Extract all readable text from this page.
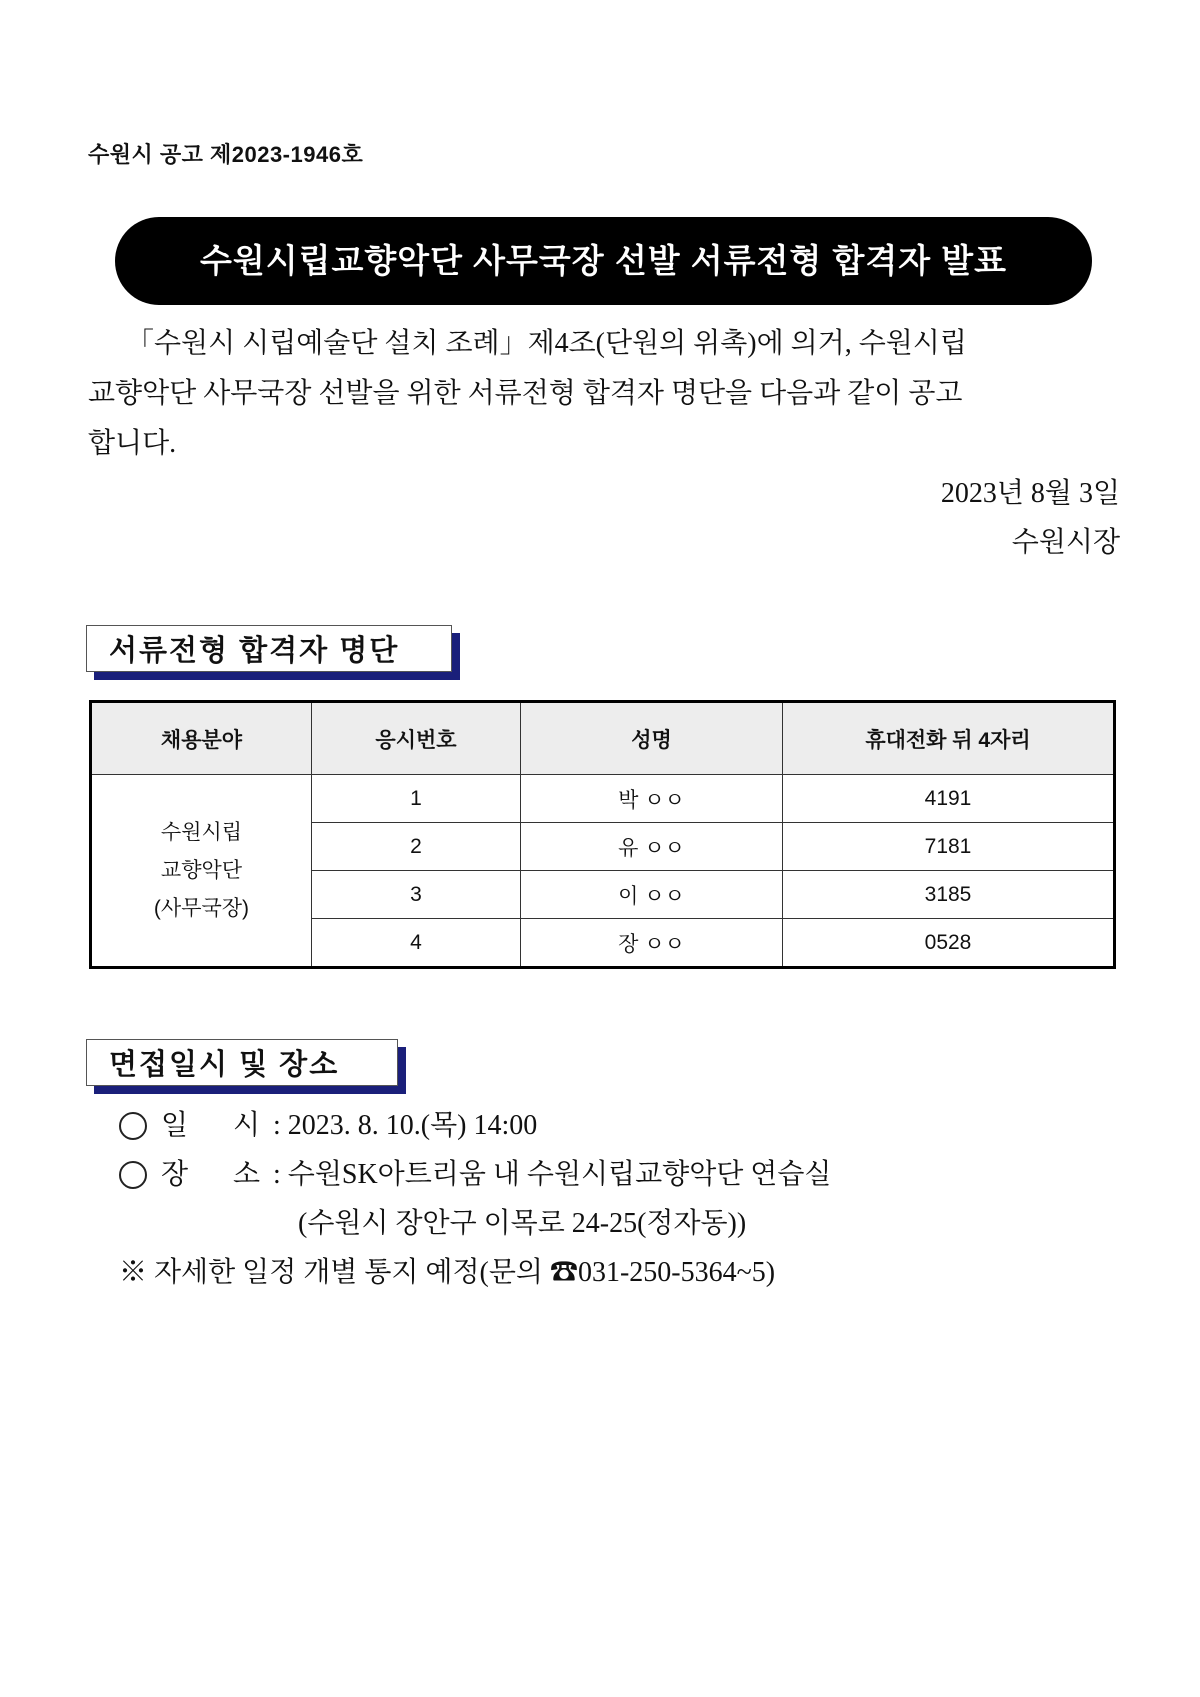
수원시 공고 제2023-1946호
수원시립교향악단 사무국장 선발 서류전형 합격자 발표
「수원시 시립예술단 설치 조례」제4조(단원의 위촉)에 의거, 수원시립
교향악단 사무국장 선발을 위한 서류전형 합격자 명단을 다음과 같이 공고
합니다.
2023년 8월 3일
수원시장
서류전형 합격자 명단
채용분야	응시번호	성명	휴대전화 뒤 4자리

수원시립
교향악단
(사무국장)	1	박 ㅇㅇ	4191
	2	유 ㅇㅇ	7181
	3	이 ㅇㅇ	3185
	4	장 ㅇㅇ	0528
면접일시 및 장소
일	시 : 2023. 8. 10.(목) 14:00
장	소 : 수원SK아트리움 내 수원시립교향악단 연습실
(수원시 장안구 이목로 24-25(정자동))
※ 자세한 일정 개별 통지 예정(문의 ☎031-250-5364~5)
